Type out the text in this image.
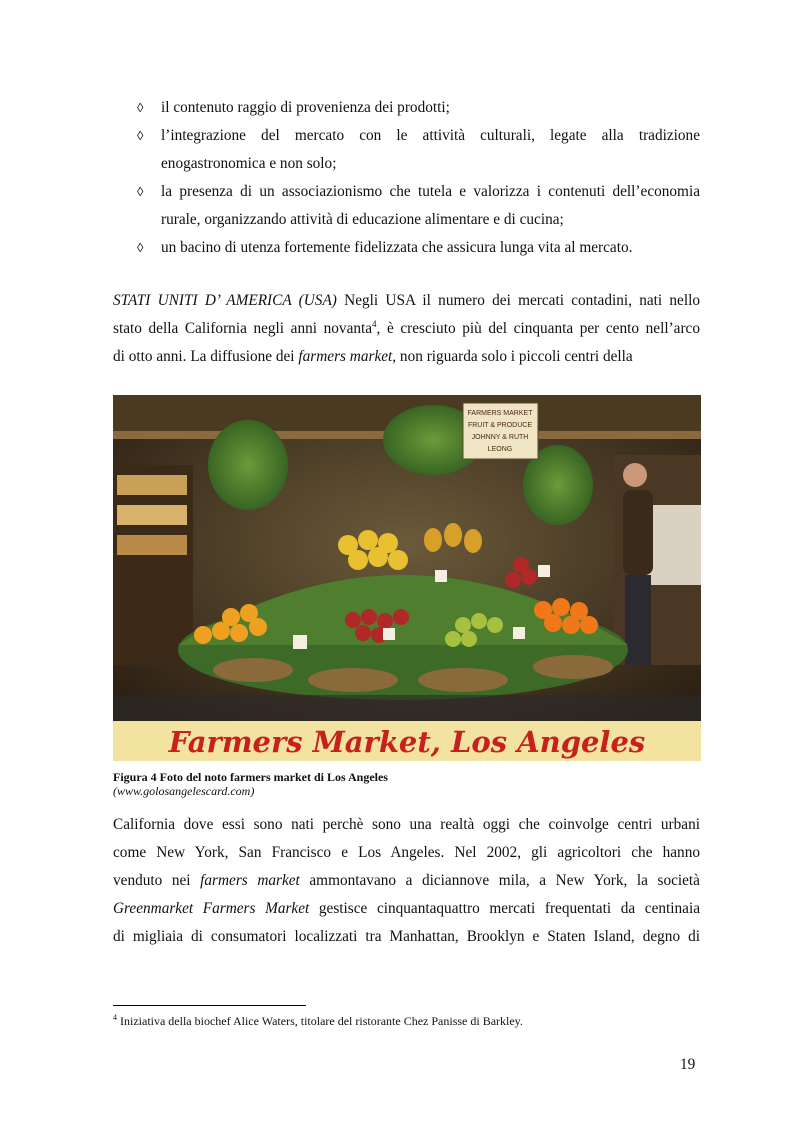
◊ il contenuto raggio di provenienza dei prodotti;
◊ l’integrazione del mercato con le attività culturali, legate alla tradizione
enogastronomica e non solo;
◊ la presenza di un associazionismo che tutela e valorizza i contenuti dell’economia
rurale, organizzando attività di educazione alimentare e di cucina;
◊ un bacino di utenza fortemente fidelizzata che assicura lunga vita al mercato.

STATI UNITI D’ AMERICA (USA) Negli USA il numero dei mercati contadini, nati nello
stato della California negli anni novanta$^4$, è cresciuto più del cinquanta per cento nell’arco
di otto anni. La diffusione dei farmers market, non riguarda solo i piccoli centri della

FARMERS MARKET
FRUIT & PRODUCE
JOHNNY & RUTH
LEONG
Farmers Market, Los Angeles
Figura 4 Foto del noto farmers market di Los Angeles
(www.golosangelescard.com)

California dove essi sono nati perchè sono una realtà oggi che coinvolge centri urbani
come New York, San Francisco e Los Angeles. Nel 2002, gli agricoltori che hanno
venduto nei farmers market ammontavano a diciannove mila, a New York, la società
Greenmarket Farmers Market gestisce cinquantaquattro mercati frequentati da centinaia
di migliaia di consumatori localizzati tra Manhattan, Brooklyn e Staten Island, degno di

$^4$ Iniziativa della biochef Alice Waters, titolare del ristorante Chez Panisse di Barkley.
19
